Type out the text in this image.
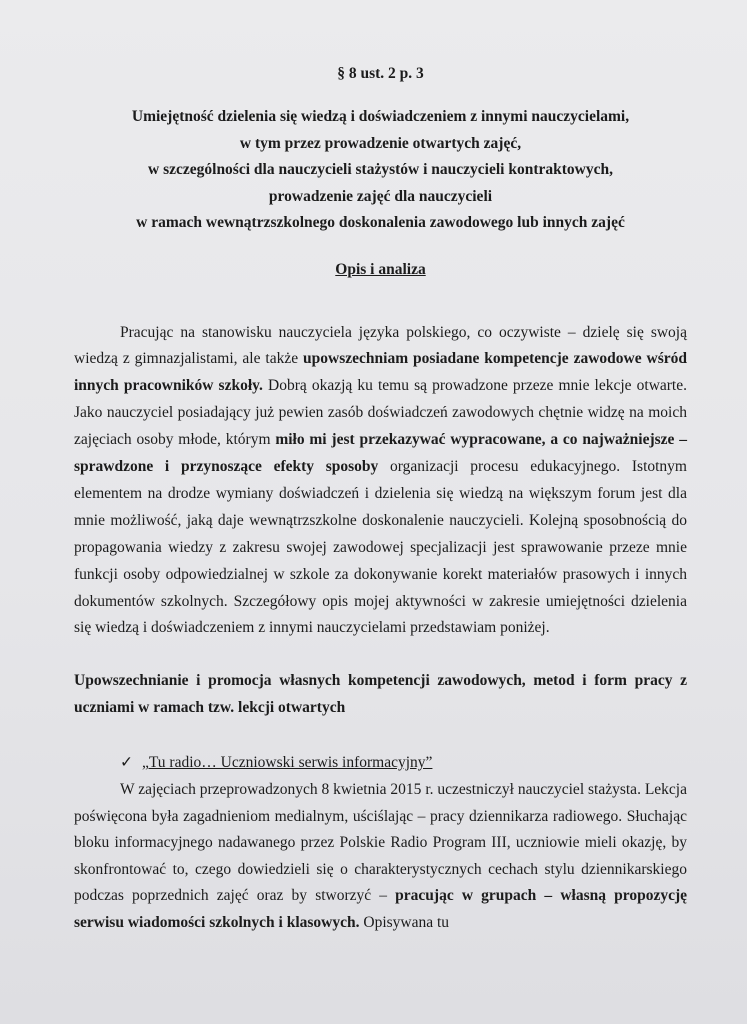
§ 8 ust. 2 p. 3

Umiejętność dzielenia się wiedzą i doświadczeniem z innymi nauczycielami,
w tym przez prowadzenie otwartych zajęć,
w szczególności dla nauczycieli stażystów i nauczycieli kontraktowych,
prowadzenie zajęć dla nauczycieli
w ramach wewnątrzszkolnego doskonalenia zawodowego lub innych zajęć

Opis i analiza

Pracując na stanowisku nauczyciela języka polskiego, co oczywiste – dzielę się swoją wiedzą z gimnazjalistami, ale także upowszechniam posiadane kompetencje zawodowe wśród innych pracowników szkoły. Dobrą okazją ku temu są prowadzone przeze mnie lekcje otwarte. Jako nauczyciel posiadający już pewien zasób doświadczeń zawodowych chętnie widzę na moich zajęciach osoby młode, którym miło mi jest przekazywać wypracowane, a co najważniejsze – sprawdzone i przynoszące efekty sposoby organizacji procesu edukacyjnego. Istotnym elementem na drodze wymiany doświadczeń i dzielenia się wiedzą na większym forum jest dla mnie możliwość, jaką daje wewnątrzszkolne doskonalenie nauczycieli. Kolejną sposobnością do propagowania wiedzy z zakresu swojej zawodowej specjalizacji jest sprawowanie przeze mnie funkcji osoby odpowiedzialnej w szkole za dokonywanie korekt materiałów prasowych i innych dokumentów szkolnych. Szczegółowy opis mojej aktywności w zakresie umiejętności dzielenia się wiedzą i doświadczeniem z innymi nauczycielami przedstawiam poniżej.

Upowszechnianie i promocja własnych kompetencji zawodowych, metod i form pracy z uczniami w ramach tzw. lekcji otwartych

✓ „Tu radio… Uczniowski serwis informacyjny”

W zajęciach przeprowadzonych 8 kwietnia 2015 r. uczestniczył nauczyciel stażysta. Lekcja poświęcona była zagadnieniom medialnym, uściślając – pracy dziennikarza radiowego. Słuchając bloku informacyjnego nadawanego przez Polskie Radio Program III, uczniowie mieli okazję, by skonfrontować to, czego dowiedzieli się o charakterystycznych cechach stylu dziennikarskiego podczas poprzednich zajęć oraz by stworzyć – pracując w grupach – własną propozycję serwisu wiadomości szkolnych i klasowych. Opisywana tu
